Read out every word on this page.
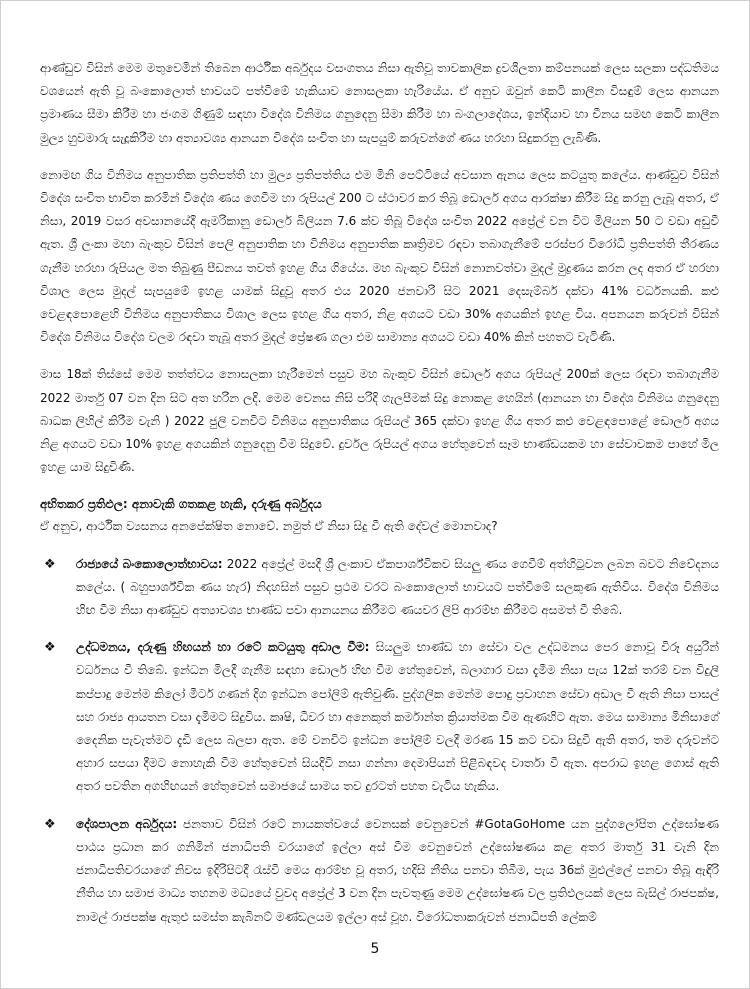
ආණ්ඩුව විසින් මෙම මතුවෙමින් තිබෙන ආර්ථික අර්බුදය වසංගතය නිසා ඇතිවූ තාවකාලික ද්‍රවශීලතා කම්පනයක් ලෙස සලකා පද්ධතිමය වශයෙන් ඇති වූ බංකොලොත් භාවයට පත්වීමේ හැකියාව නොසලකා හැරියේය. ඒ අනුව ඔවුන් කෙටි කාලීන විසඳුම් ලෙස ආනයන ප්‍රමාණය සීමා කිරීම හා ජංගම ගිණුම් සඳහා විදේශ විනිමය ගනුදෙනු සීමා කිරීම හා බංගලාදේශය, ඉන්දියාව හා චීනය සමඟ කෙටි කාලීන මුල්‍ය හුවමාරු සැදූකිරීම හා අත්‍යාවශ්‍ය ආනයන විදේශ සංචිත හා සැපයුම් කරුවන්ගේ ණය හරහා සිදුකරනු ලැබිණි.

නොමඟ ගිය විනිමය අනුපාතික ප්‍රතිපත්ති හා මුල්‍ය ප්‍රතිපත්තිය එම මිනි පෙට්ටියේ අවසාන ඇනය ලෙස කටයුතු කලේය. ආණ්ඩුව විසින් විදේශ සංචිත භාවිත කරමින් විදේශ ණය ගෙවීම හා රුපියල් 200 ට ස්ථාවර කර තිබූ ඩොලර් අගය ආරක්ෂා කිරීම සිදු කරනු ලැබූ අතර, ඒ නිසා, 2019 වසර අවසානයේදී ඇමරිකානු ඩොලර් බිලියන 7.6 ක්ව තිබූ විදේශ සංචිත 2022 අප්‍රේල් වන විට මිලියන 50 ට වඩා අඩුවී ඇත. ශ්‍රී ලංකා මහා බැංකුව විසින් පෙලි අනුපාතික හා විනිමය අනුපාතික කෘත්‍රිමව රඳවා තබාගැනීමේ පරස්පර විරෝධී ප්‍රතිපත්ති තීරණය ගැනීම හරහා රුපියල මත තිබුණු පීඩනය තවත් ඉහළ ගිය ගියේය. මහ බැංකුව විසින් නොනවත්වා මුදල් මුද්‍රණය කරන ලද අතර ඒ හරහා විශාල ලෙස මුදල් සැපයුමේ ඉහළ යාමක් සිදුවූ අතර එය 2020 ජනවාරි සිට 2021 දෙසැම්බර් දක්වා 41% වර්ධනයකි. කළු වෙළඳපොළෙහි විනිමය අනුපාතිකය විශාල ලෙස ඉහළ ගිය අතර, නිළ අගයට වඩා 30% අගයකින් ඉහළ විය. අපනයන කරුවන් විසින් විදේශ විනිමය විදේශ වලම රඳවා තැබූ අතර මුදල් ප්‍රේෂණ ගලා එම සාමාන්‍ය අගයට වඩා 40% කින් පහතට වැටිණි.

මාස 18ක් තිස්සේ මෙම තත්ත්වය නොසලකා හැරීමෙන් පසුව මහ බැංකුව විසින් ඩොලර් අගය රුපියල් 200ක් ලෙස රඳවා තබාගැනීම 2022 මාර්තු 07 වන දින සිට අත හරින ලදි. මෙම වෙනස නිසි පරිදි ගැලපීමක් සිදු නොකළ හෙයින් (ආනයන හා විදේශ විනිමය ගනුදෙනු බාධක ලිහිල් කිරීම වැනි ) 2022 ජුලි වනවිට විනිමය අනුපාතිකය රුපියල් 365 දක්වා ඉහළ ගිය අතර කළු වෙළඳපොළේ ඩොලර් අගය නිළ අගයට වඩා 10% ඉහළ අගයකින් ගනුදෙනු වීම සිදුවේ. දුර්වල රුපියල් අගය හේතුවෙන් සෑම භාණ්ඩයකම හා සේවාවකම පාහේ මිල ඉහළ යාම සිදුවිණි.

අභිතකර ප්‍රතිඵල: අනාවැකි ගතකළ හැකි, දරුණු අර්බුදය

ඒ අනුව, ආර්ථික ව්‍යසනය අනපේක්ෂිත නොවේ. නමුත් ඒ නිසා සිදු වී ඇති දේවල් මොනවාද?

❖ රාජ්‍යයේ බංකොලොත්භාවය: 2022 අප්‍රේල් මසදී ශ්‍රී ලංකාව ඒකපාර්ශ්විකව සියලු ණය ගෙවීම් අත්හිටුවන ලබන බවට නිවේදනය කලේය. ( බහුපාර්ශ්වික ණය හැර) නිදහසින් පසුව ප්‍රථම වරට බංකොලොත් භාවයට පත්වීමේ සලකුණ ඇතිවිය. විදේශ විනිමය හිඟ වීම නිසා ආණ්ඩුව අත්‍යාවශ්‍ය භාණ්ඩ පවා ආනයනය කිරීමට ණයවර ලිපි ආරම්භ කිරීමට අසමත් වී තිබේ.

❖ උද්ධමනය, දරුණු හිඟයන් හා රටේ කටයුතු අඩාල වීම: සියලුම භාණ්ඩ හා සේවා වල උද්ධමනය පෙර නොවූ විරූ අයුරින් වර්ධනය වී තිබේ. ඉන්ධන මිලදී ගැනීම සඳහා ඩොලර් හිඟ වීම හේතුවෙන්, බලාගාර වසා දැමීම නිසා පැය 12ක් තරම් වන විදුලි කප්පාදු මෙන්ම කිලෝ මීටර් ගණන් දිග ඉන්ධන පෝලිම් ඇතිවුණි. පුද්ගලික මෙන්ම පොදු ප්‍රවාහන සේවා අඩාල වී ඇති නිසා පාසල් සහ රාජ්‍ය ආයතන වසා දැමීමට සිදුවිය. කෘෂි, ධීවර හා අනෙකුත් කර්මාන්ත ක්‍රියාත්මක වීම ඇණහිට ඇත. මෙය සාමාන්‍ය මිනිසාගේ දෛනික පැවැත්මට දැඩි ලෙස බලපා ඇත. මේ වනවිට ඉන්ධන පෝලිම් වලදී මරණ 15 කට වඩා සිදුවී ඇති අතර, තම දරුවන්ට අහාර සපයා දීමට නොහැකි වීම හේතුවෙන් සියදිවි නසා ගන්නා දෙමාපියන් පිළිබඳවද වාර්තා වී ඇත. අපරාධ ඉහළ ගොස් ඇති අතර පවතින අගහිඟයන් හේතුවෙන් සමාජයේ සාමය තව දුරටත් පහත වැටිය හැකිය.

❖ දේශපාලන අර්බුදය: ජනතාව විසින් රටේ නායකත්වයේ වෙනසක් වෙනුවෙන් #GotaGoHome යන පුද්ගලෝපිත උද්ඝෝෂණ පාඨය ප්‍රධාන කර ගනිමින් ජනාධිපති වරයාගේ ඉල්ලා අස් වීම වෙනුවෙන් උද්ඝෝෂණය කළ අතර මාර්තු 31 වැනි දින ජනාධිපතිවරයාගේ නිවස ඉදිරිපිටදී රැස්වී මෙය ආරම්භ වූ අතර, හදිසි නීතිය පනවා තිබීම, පැය 36ක් මුළුල්ලේ පනවා තිබූ ඇඳිරි නීතිය හා සමාජ මාධ්‍ය තහනම මධ්‍යයේ වුවද අප්‍රේල් 3 වන දින පැවතුණු මෙම උද්ඝෝෂණ වල ප්‍රතිඵලයක් ලෙස බැසිල් රාජපක්ෂ, නාමල් රාජපක්ෂ ඇතුළු සමස්ත කැබිනට් මණ්ඩලයම ඉල්ලා අස් වූහ. විරෝධතාකරුවන් ජනාධිපති ලේකම්

5
